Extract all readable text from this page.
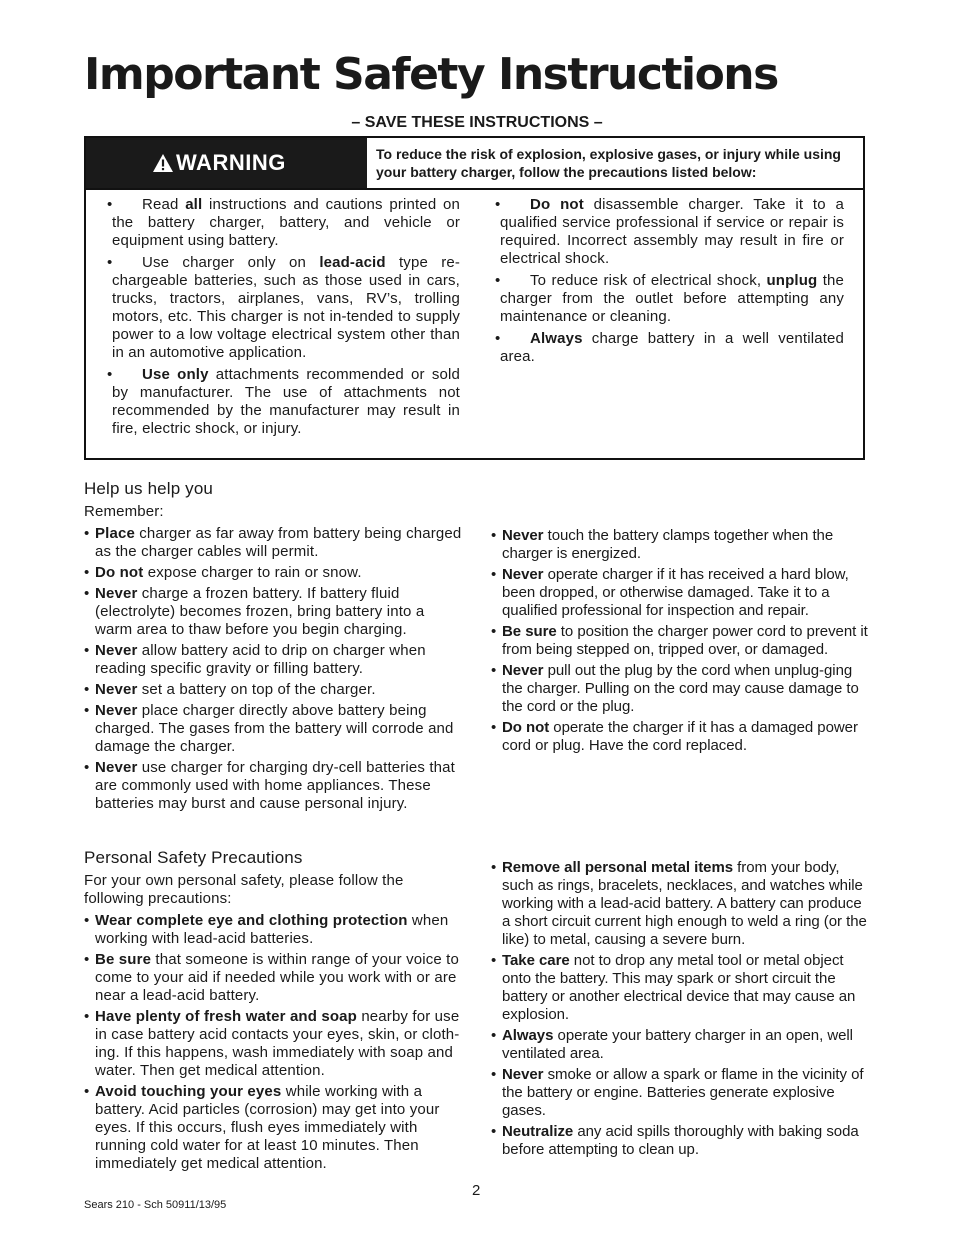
Important Safety Instructions
– SAVE THESE INSTRUCTIONS –
WARNING	To reduce the risk of explosion, explosive gases, or injury while using your battery charger, follow the precautions listed below:
• Read all instructions and cautions printed on the battery charger, battery, and vehicle or equipment using battery.
• Use charger only on lead-acid type re-chargeable batteries, such as those used in cars, trucks, tractors, airplanes, vans, RV’s, trolling motors, etc. This charger is not in-tended to supply power to a low voltage electrical system other than in an automotive application.
• Use only attachments recommended or sold by manufacturer. The use of attachments not recommended by the manufacturer may result in fire, electric shock, or injury.
• Do not disassemble charger. Take it to a qualified service professional if service or repair is required. Incorrect assembly may result in fire or electrical shock.
• To reduce risk of electrical shock, unplug the charger from the outlet before attempting any maintenance or cleaning.
• Always charge battery in a well ventilated area.
Help us help you
Remember:
• Place charger as far away from battery being charged as the charger cables will permit.
• Do not expose charger to rain or snow.
• Never charge a frozen battery. If battery fluid (electrolyte) becomes frozen, bring battery into a warm area to thaw before you begin charging.
• Never allow battery acid to drip on charger when reading specific gravity or filling battery.
• Never set a battery on top of the charger.
• Never place charger directly above battery being charged. The gases from the battery will corrode and damage the charger.
• Never use charger for charging dry-cell batteries that are commonly used with home appliances. These batteries may burst and cause personal injury.
• Never touch the battery clamps together when the charger is energized.
• Never operate charger if it has received a hard blow, been dropped, or otherwise damaged. Take it to a qualified professional for inspection and repair.
• Be sure to position the charger power cord to prevent it from being stepped on, tripped over, or damaged.
• Never pull out the plug by the cord when unplug-ging the charger. Pulling on the cord may cause damage to the cord or the plug.
• Do not operate the charger if it has a damaged power cord or plug. Have the cord replaced.
Personal Safety Precautions
For your own personal safety, please follow the following precautions:
• Wear complete eye and clothing protection when working with lead-acid batteries.
• Be sure that someone is within range of your voice to come to your aid if needed while you work with or are near a lead-acid battery.
• Have plenty of fresh water and soap nearby for use in case battery acid contacts your eyes, skin, or cloth-ing. If this happens, wash immediately with soap and water. Then get medical attention.
• Avoid touching your eyes while working with a battery. Acid particles (corrosion) may get into your eyes. If this occurs, flush eyes immediately with running cold water for at least 10 minutes. Then immediately get medical attention.
• Remove all personal metal items from your body, such as rings, bracelets, necklaces, and watches while working with a lead-acid battery. A battery can produce a short circuit current high enough to weld a ring (or the like) to metal, causing a severe burn.
• Take care not to drop any metal tool or metal object onto the battery. This may spark or short circuit the battery or another electrical device that may cause an explosion.
• Always operate your battery charger in an open, well ventilated area.
• Never smoke or allow a spark or flame in the vicinity of the battery or engine. Batteries generate explosive gases.
• Neutralize any acid spills thoroughly with baking soda before attempting to clean up.
2
Sears 210 - Sch 50911/13/95
